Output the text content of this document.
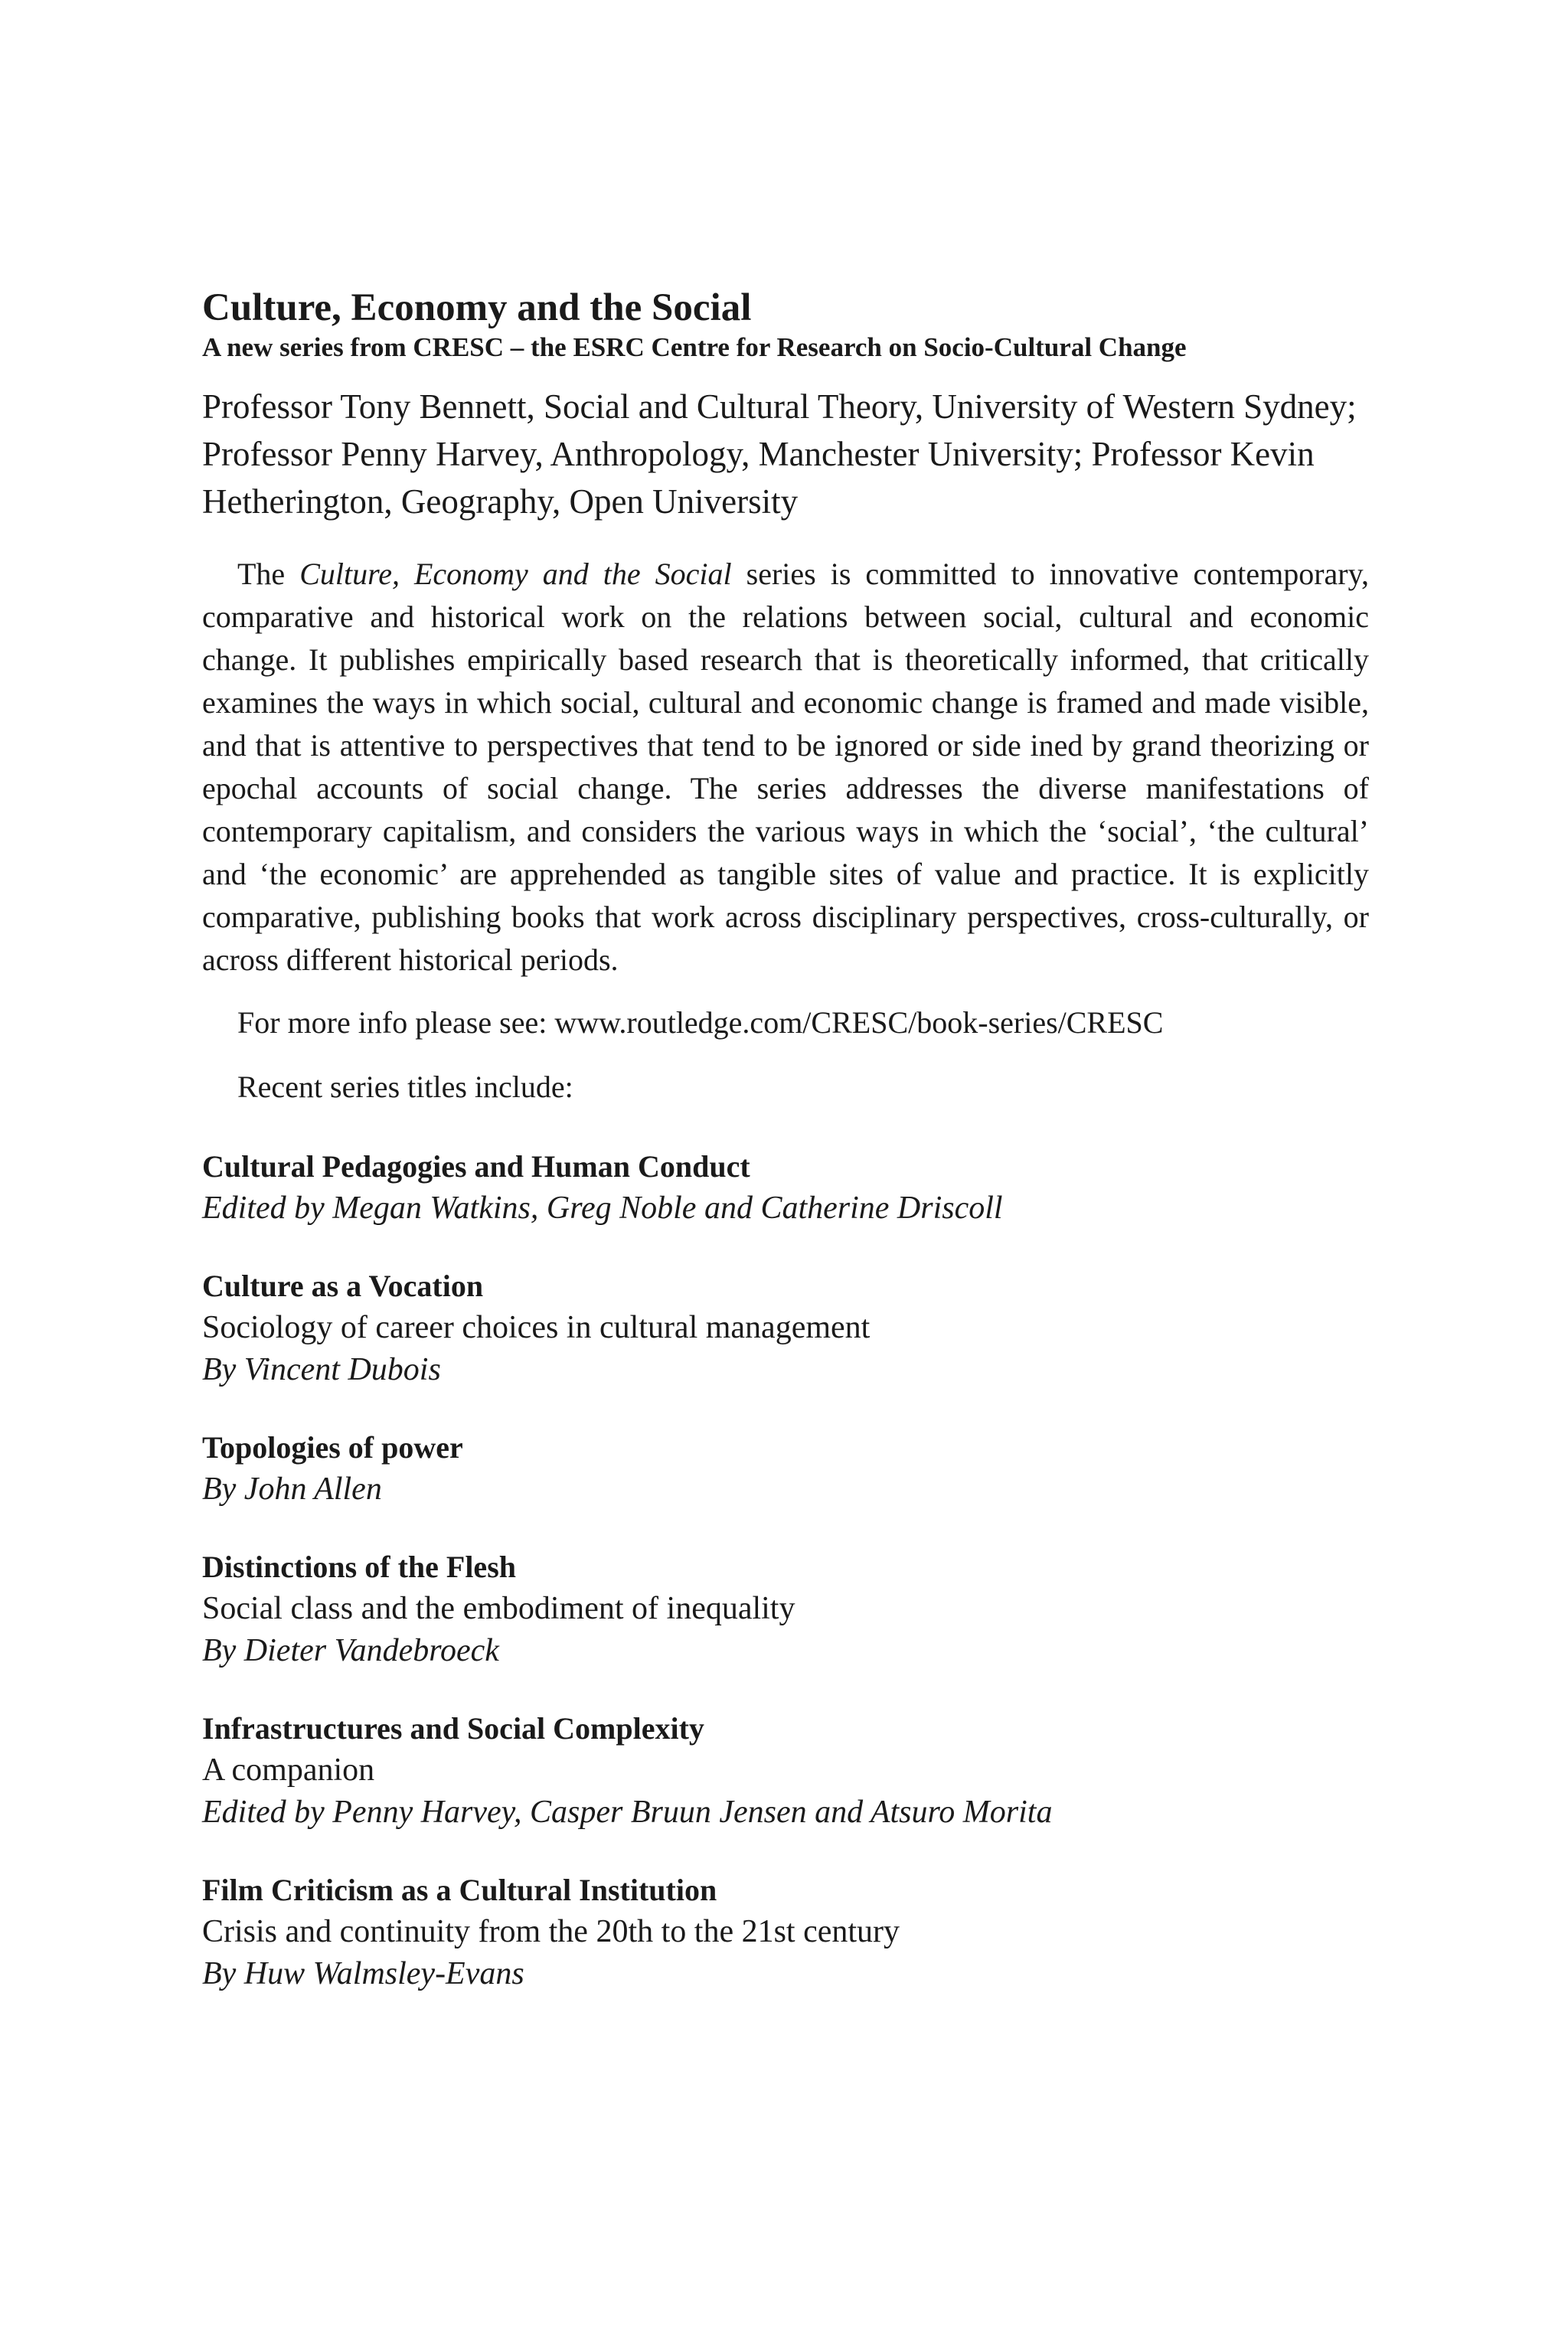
Culture, Economy and the Social

A new series from CRESC – the ESRC Centre for Research on Socio-Cultural Change

Professor Tony Bennett, Social and Cultural Theory, University of Western Sydney; Professor Penny Harvey, Anthropology, Manchester University; Professor Kevin Hetherington, Geography, Open University

The Culture, Economy and the Social series is committed to innovative contemporary, comparative and historical work on the relations between social, cultural and economic change. It publishes empirically based research that is theoretically informed, that critically examines the ways in which social, cultural and economic change is framed and made visible, and that is attentive to perspectives that tend to be ignored or side ined by grand theorizing or epochal accounts of social change. The series addresses the diverse manifestations of contemporary capitalism, and considers the various ways in which the ‘social’, ‘the cultural’ and ‘the economic’ are apprehended as tangible sites of value and practice. It is explicitly comparative, publishing books that work across disciplinary perspectives, cross-culturally, or across different historical periods.

For more info please see: www.routledge.com/CRESC/book-series/CRESC

Recent series titles include:

Cultural Pedagogies and Human Conduct

Edited by Megan Watkins, Greg Noble and Catherine Driscoll

Culture as a Vocation

Sociology of career choices in cultural management

By Vincent Dubois

Topologies of power

By John Allen

Distinctions of the Flesh

Social class and the embodiment of inequality

By Dieter Vandebroeck

Infrastructures and Social Complexity

A companion

Edited by Penny Harvey, Casper Bruun Jensen and Atsuro Morita

Film Criticism as a Cultural Institution

Crisis and continuity from the 20th to the 21st century

By Huw Walmsley-Evans
